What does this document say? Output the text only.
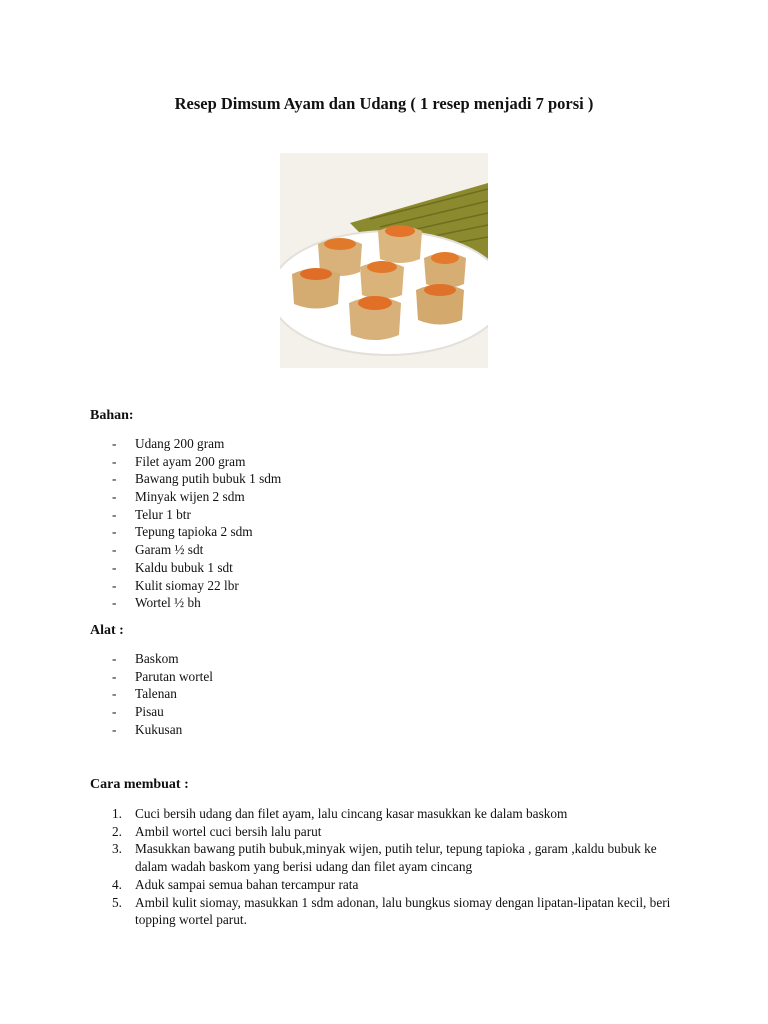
Resep Dimsum Ayam dan Udang ( 1 resep menjadi 7 porsi )
Bahan:
- Udang 200 gram
- Filet ayam 200 gram
- Bawang putih bubuk 1 sdm
- Minyak wijen 2 sdm
- Telur 1 btr
- Tepung tapioka 2 sdm
- Garam ½ sdt
- Kaldu bubuk 1 sdt
- Kulit siomay 22 lbr
- Wortel ½ bh
Alat :
- Baskom
- Parutan wortel
- Talenan
- Pisau
- Kukusan
Cara membuat :
1. Cuci bersih udang dan filet ayam, lalu cincang kasar masukkan ke dalam baskom
2. Ambil wortel cuci bersih lalu parut
3. Masukkan bawang putih bubuk,minyak wijen, putih telur, tepung tapioka , garam ,kaldu bubuk ke dalam wadah baskom yang berisi udang dan filet ayam cincang
4. Aduk sampai semua bahan tercampur rata
5. Ambil kulit siomay, masukkan 1 sdm adonan, lalu bungkus siomay dengan lipatan-lipatan kecil, beri topping wortel parut.
